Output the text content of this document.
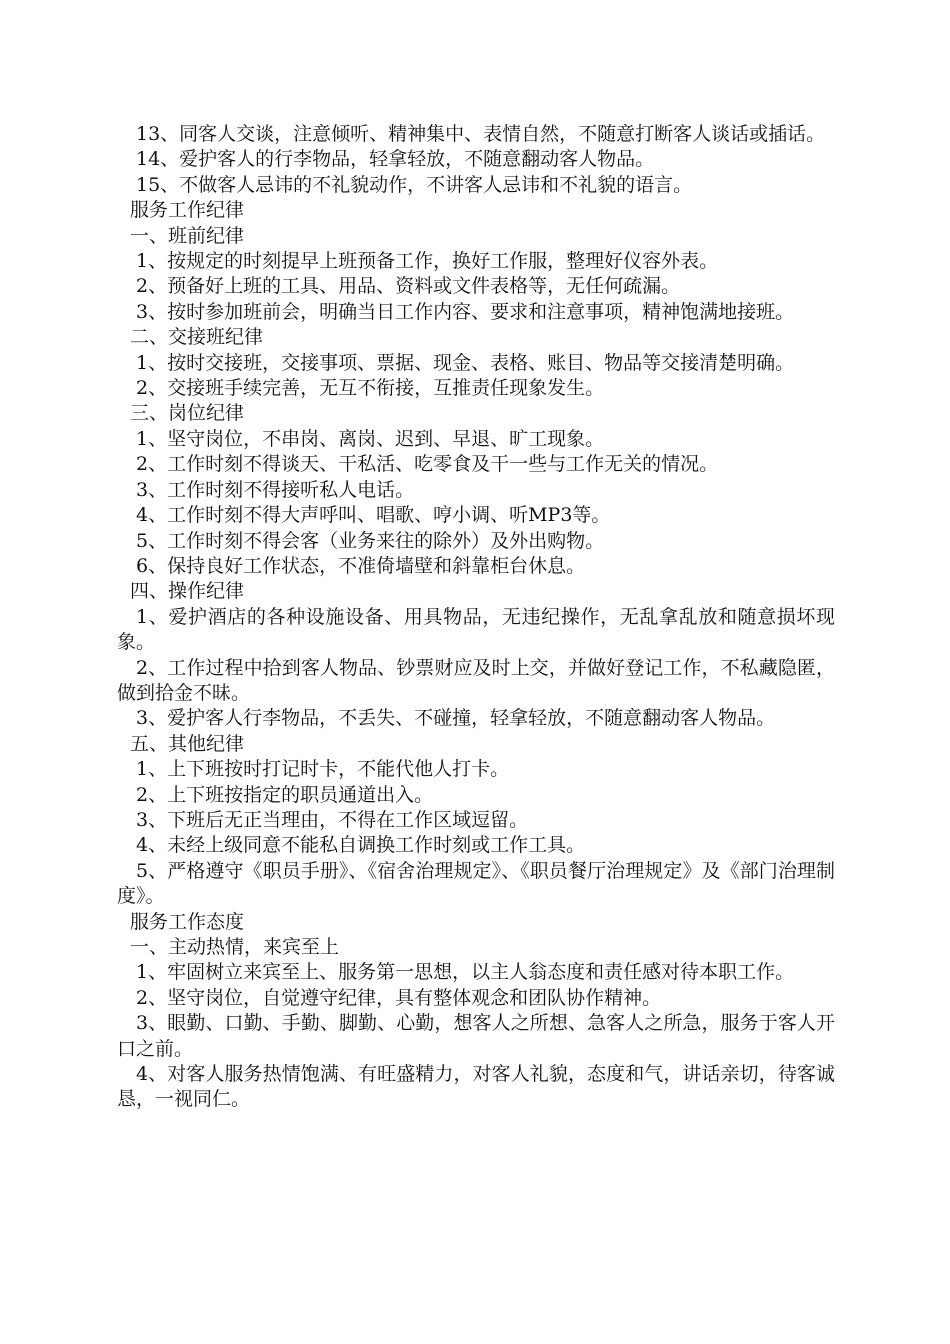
13、同客人交谈，注意倾听、精神集中、表情自然，不随意打断客人谈话或插话。

14、爱护客人的行李物品，轻拿轻放，不随意翻动客人物品。

15、不做客人忌讳的不礼貌动作，不讲客人忌讳和不礼貌的语言。

服务工作纪律

一、班前纪律

1、按规定的时刻提早上班预备工作，换好工作服，整理好仪容外表。

2、预备好上班的工具、用品、资料或文件表格等，无任何疏漏。

3、按时参加班前会，明确当日工作内容、要求和注意事项，精神饱满地接班。

二、交接班纪律

1、按时交接班，交接事项、票据、现金、表格、账目、物品等交接清楚明确。

2、交接班手续完善，无互不衔接，互推责任现象发生。

三、岗位纪律

1、坚守岗位，不串岗、离岗、迟到、早退、旷工现象。

2、工作时刻不得谈天、干私活、吃零食及干一些与工作无关的情况。

3、工作时刻不得接听私人电话。

4、工作时刻不得大声呼叫、唱歌、哼小调、听MP3等。

5、工作时刻不得会客（业务来往的除外）及外出购物。

6、保持良好工作状态，不准倚墙壁和斜靠柜台休息。

四、操作纪律

1、爱护酒店的各种设施设备、用具物品，无违纪操作，无乱拿乱放和随意损坏现象。

2、工作过程中拾到客人物品、钞票财应及时上交，并做好登记工作，不私藏隐匿，做到拾金不昧。

3、爱护客人行李物品，不丢失、不碰撞，轻拿轻放，不随意翻动客人物品。

五、其他纪律

1、上下班按时打记时卡，不能代他人打卡。

2、上下班按指定的职员通道出入。

3、下班后无正当理由，不得在工作区域逗留。

4、未经上级同意不能私自调换工作时刻或工作工具。

5、严格遵守《职员手册》、《宿舍治理规定》、《职员餐厅治理规定》及《部门治理制度》。

服务工作态度

一、主动热情，来宾至上

1、牢固树立来宾至上、服务第一思想，以主人翁态度和责任感对待本职工作。

2、坚守岗位，自觉遵守纪律，具有整体观念和团队协作精神。

3、眼勤、口勤、手勤、脚勤、心勤，想客人之所想、急客人之所急，服务于客人开口之前。

4、对客人服务热情饱满、有旺盛精力，对客人礼貌，态度和气，讲话亲切，待客诚恳，一视同仁。
